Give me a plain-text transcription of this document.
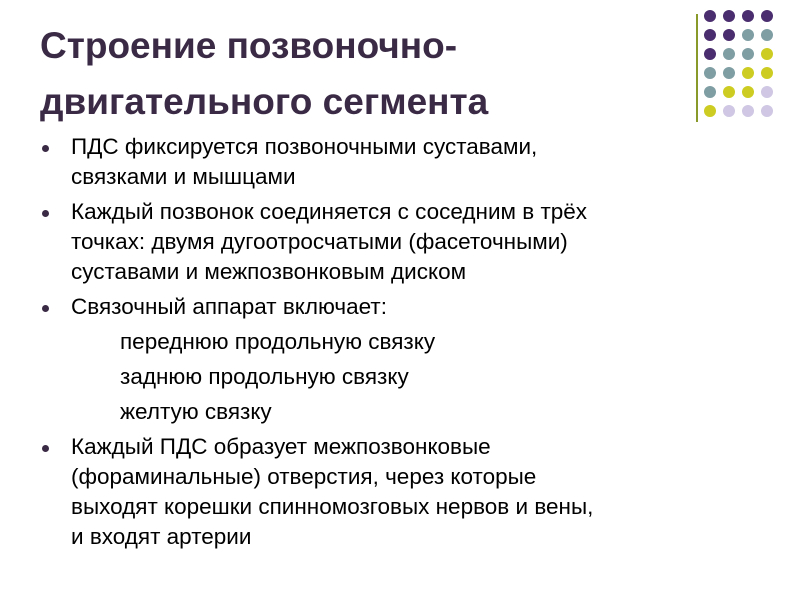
Строение позвоночно-
двигательного сегмента
ПДС фиксируется позвоночными суставами,
связками и мышцами
Каждый позвонок соединяется с соседним в трёх
точках: двумя дугоотросчатыми (фасеточными)
суставами и межпозвонковым диском
Связочный аппарат включает:
переднюю продольную связку
заднюю продольную связку
желтую связку
Каждый ПДС образует межпозвонковые
(фораминальные) отверстия, через которые
выходят корешки спинномозговых нервов и вены,
и входят артерии
